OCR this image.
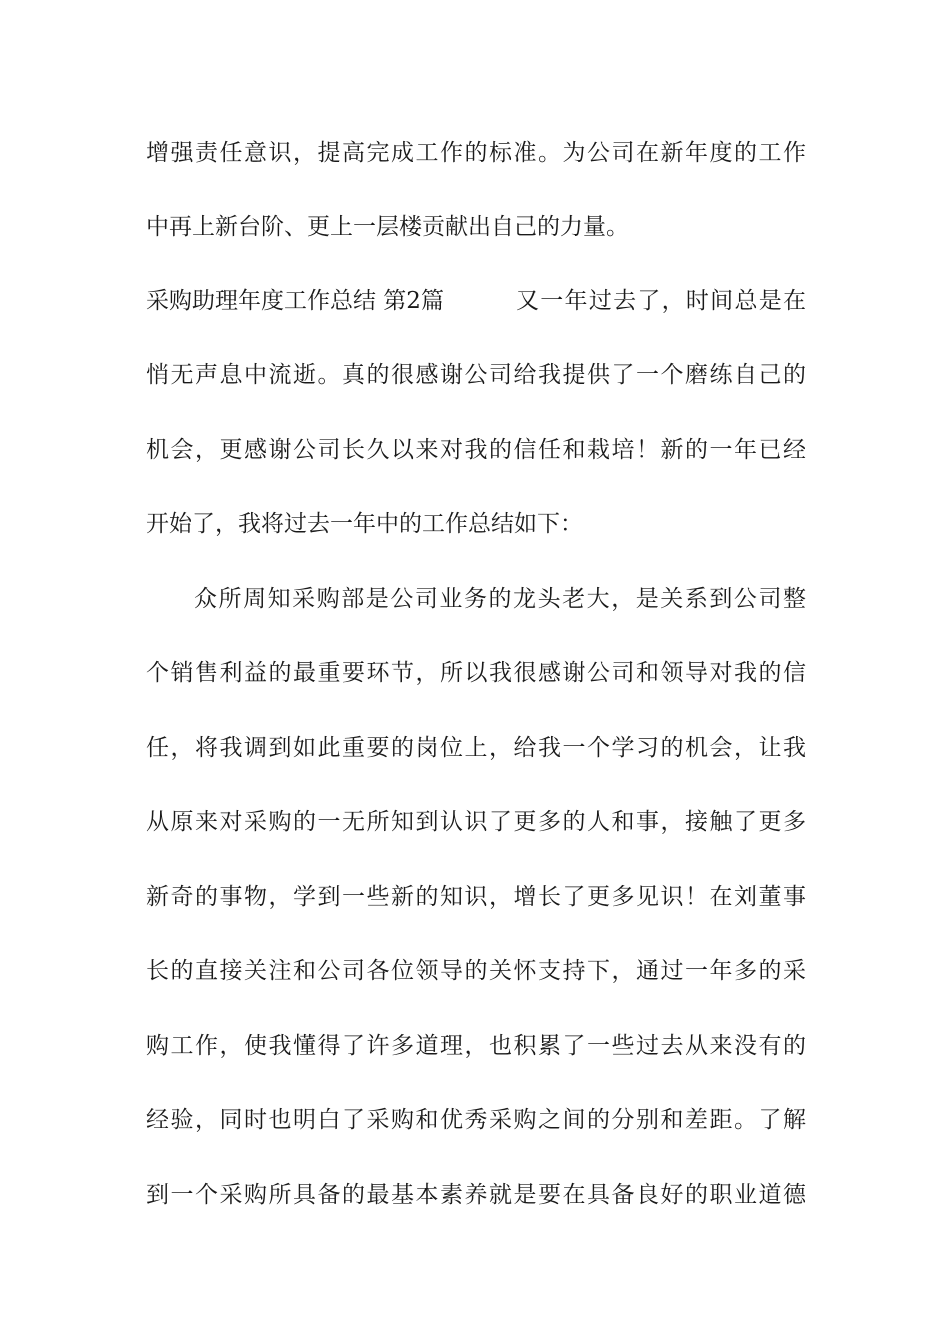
增强责任意识，提高完成工作的标准。为公司在新年度的工作
中再上新台阶、更上一层楼贡献出自己的力量。
采购助理年度工作总结 第2篇	又一年过去了，时间总是在
悄无声息中流逝。真的很感谢公司给我提供了一个磨练自己的
机会，更感谢公司长久以来对我的信任和栽培！新的一年已经
开始了，我将过去一年中的工作总结如下：
众所周知采购部是公司业务的龙头老大，是关系到公司整
个销售利益的最重要环节，所以我很感谢公司和领导对我的信
任，将我调到如此重要的岗位上，给我一个学习的机会，让我
从原来对采购的一无所知到认识了更多的人和事，接触了更多
新奇的事物，学到一些新的知识，增长了更多见识！在刘董事
长的直接关注和公司各位领导的关怀支持下，通过一年多的采
购工作，使我懂得了许多道理，也积累了一些过去从来没有的
经验，同时也明白了采购和优秀采购之间的分别和差距。了解
到一个采购所具备的最基本素养就是要在具备良好的职业道德
